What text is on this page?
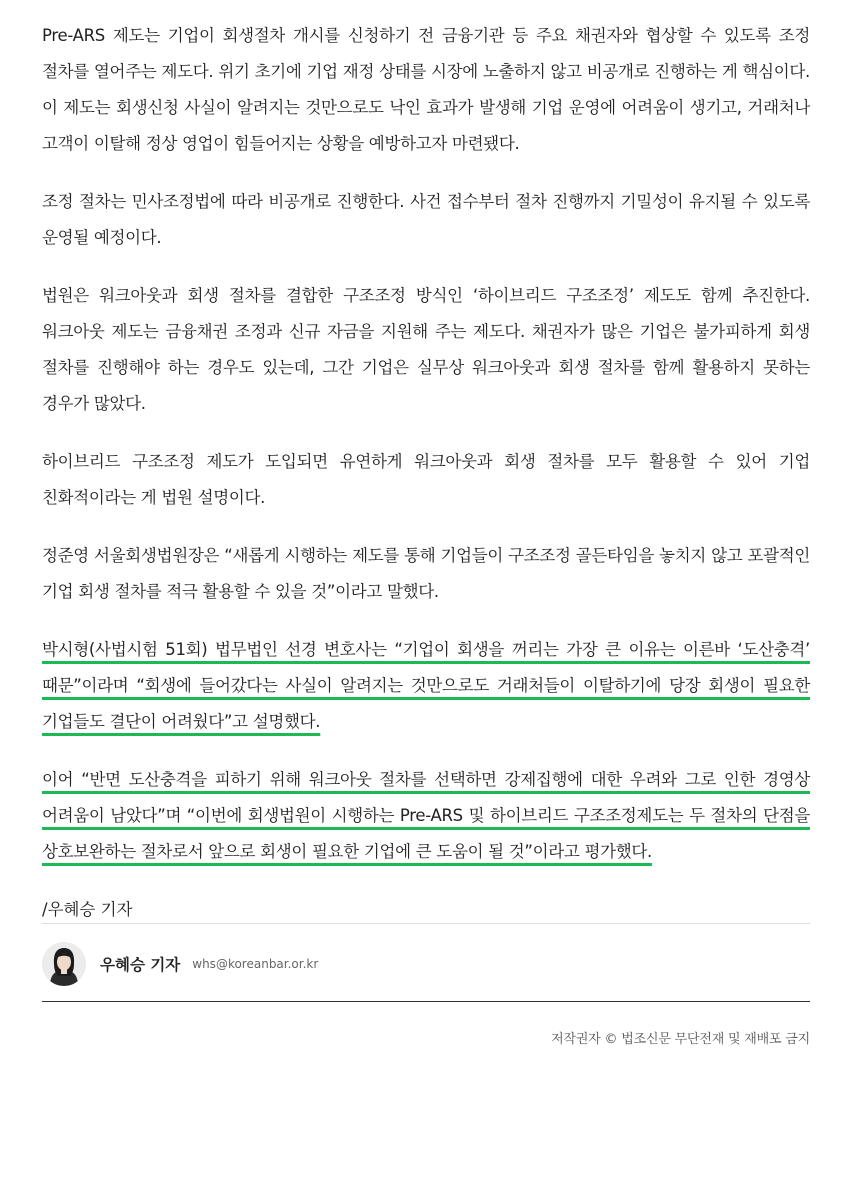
Pre-ARS 제도는 기업이 회생절차 개시를 신청하기 전 금융기관 등 주요 채권자와 협상할 수 있도록 조정 절차를 열어주는 제도다. 위기 초기에 기업 재정 상태를 시장에 노출하지 않고 비공개로 진행하는 게 핵심이다. 이 제도는 회생신청 사실이 알려지는 것만으로도 낙인 효과가 발생해 기업 운영에 어려움이 생기고, 거래처나 고객이 이탈해 정상 영업이 힘들어지는 상황을 예방하고자 마련됐다.

조정 절차는 민사조정법에 따라 비공개로 진행한다. 사건 접수부터 절차 진행까지 기밀성이 유지될 수 있도록 운영될 예정이다.

법원은 워크아웃과 회생 절차를 결합한 구조조정 방식인 ‘하이브리드 구조조정’ 제도도 함께 추진한다. 워크아웃 제도는 금융채권 조정과 신규 자금을 지원해 주는 제도다. 채권자가 많은 기업은 불가피하게 회생 절차를 진행해야 하는 경우도 있는데, 그간 기업은 실무상 워크아웃과 회생 절차를 함께 활용하지 못하는 경우가 많았다.

하이브리드 구조조정 제도가 도입되면 유연하게 워크아웃과 회생 절차를 모두 활용할 수 있어 기업 친화적이라는 게 법원 설명이다.

정준영 서울회생법원장은 “새롭게 시행하는 제도를 통해 기업들이 구조조정 골든타임을 놓치지 않고 포괄적인 기업 회생 절차를 적극 활용할 수 있을 것”이라고 말했다.

박시형(사법시험 51회) 법무법인 선경 변호사는 “기업이 회생을 꺼리는 가장 큰 이유는 이른바 ‘도산충격’ 때문”이라며 “회생에 들어갔다는 사실이 알려지는 것만으로도 거래처들이 이탈하기에 당장 회생이 필요한 기업들도 결단이 어려웠다”고 설명했다.

이어 “반면 도산충격을 피하기 위해 워크아웃 절차를 선택하면 강제집행에 대한 우려와 그로 인한 경영상 어려움이 남았다”며 “이번에 회생법원이 시행하는 Pre-ARS 및 하이브리드 구조조정제도는 두 절차의 단점을 상호보완하는 절차로서 앞으로 회생이 필요한 기업에 큰 도움이 될 것”이라고 평가했다.

/우혜승 기자

우혜승 기자 whs@koreanbar.or.kr
저작권자 © 법조신문 무단전재 및 재배포 금지
